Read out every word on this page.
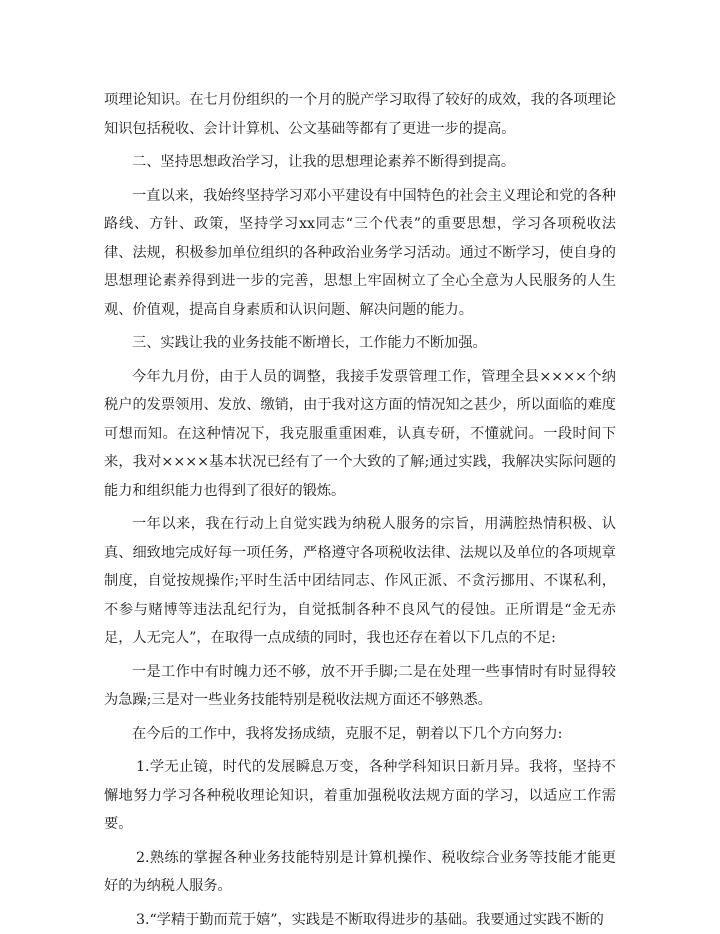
项理论知识。在七月份组织的一个月的脱产学习取得了较好的成效，我的各项理论知识包括税收、会计计算机、公文基础等都有了更进一步的提高。

二、坚持思想政治学习，让我的思想理论素养不断得到提高。

一直以来，我始终坚持学习邓小平建设有中国特色的社会主义理论和党的各种路线、方针、政策，坚持学习xx同志“三个代表”的重要思想，学习各项税收法律、法规，积极参加单位组织的各种政治业务学习活动。通过不断学习，使自身的思想理论素养得到进一步的完善，思想上牢固树立了全心全意为人民服务的人生观、价值观，提高自身素质和认识问题、解决问题的能力。

三、实践让我的业务技能不断增长，工作能力不断加强。

今年九月份，由于人员的调整，我接手发票管理工作，管理全县××××个纳税户的发票领用、发放、缴销，由于我对这方面的情况知之甚少，所以面临的难度可想而知。在这种情况下，我克服重重困难，认真专研，不懂就问。一段时间下来，我对××××基本状况已经有了一个大致的了解;通过实践，我解决实际问题的能力和组织能力也得到了很好的锻炼。

一年以来，我在行动上自觉实践为纳税人服务的宗旨，用满腔热情积极、认真、细致地完成好每一项任务，严格遵守各项税收法律、法规以及单位的各项规章制度，自觉按规操作;平时生活中团结同志、作风正派、不贪污挪用、不谋私利，不参与赌博等违法乱纪行为，自觉抵制各种不良风气的侵蚀。正所谓是“金无赤足，人无完人”，在取得一点成绩的同时，我也还存在着以下几点的不足:

一是工作中有时魄力还不够，放不开手脚;二是在处理一些事情时有时显得较为急躁;三是对一些业务技能特别是税收法规方面还不够熟悉。

在今后的工作中，我将发扬成绩，克服不足，朝着以下几个方向努力:

1.学无止镜，时代的发展瞬息万变，各种学科知识日新月异。我将，坚持不懈地努力学习各种税收理论知识，着重加强税收法规方面的学习，以适应工作需要。

2.熟练的掌握各种业务技能特别是计算机操作、税收综合业务等技能才能更好的为纳税人服务。

3.“学精于勤而荒于嬉”，实践是不断取得进步的基础。我要通过实践不断的
